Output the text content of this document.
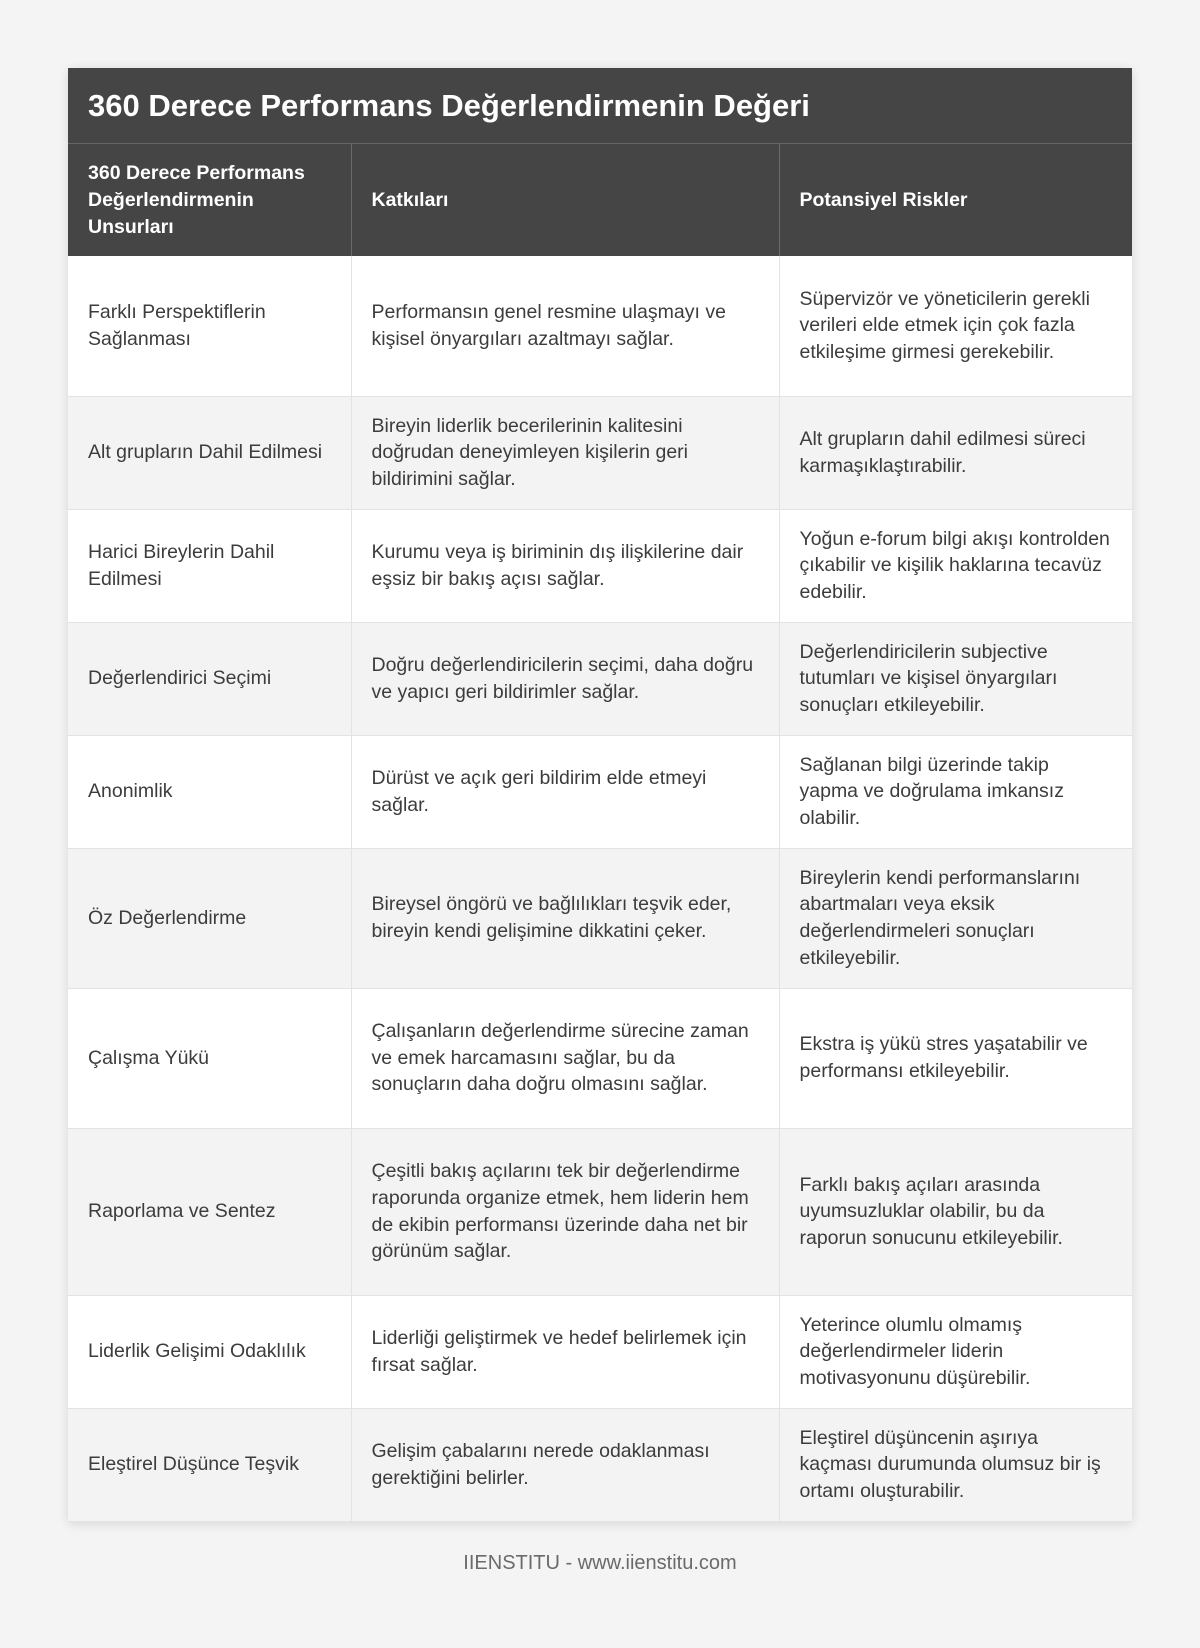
360 Derece Performans Değerlendirmenin Değeri
360 Derece Performans Değerlendirmenin Unsurları	Katkıları	Potansiyel Riskler
Farklı Perspektiflerin Sağlanması	Performansın genel resmine ulaşmayı ve kişisel önyargıları azaltmayı sağlar.	Süpervizör ve yöneticilerin gerekli verileri elde etmek için çok fazla etkileşime girmesi gerekebilir.
Alt grupların Dahil Edilmesi	Bireyin liderlik becerilerinin kalitesini doğrudan deneyimleyen kişilerin geri bildirimini sağlar.	Alt grupların dahil edilmesi süreci karmaşıklaştırabilir.
Harici Bireylerin Dahil Edilmesi	Kurumu veya iş biriminin dış ilişkilerine dair eşsiz bir bakış açısı sağlar.	Yoğun e-forum bilgi akışı kontrolden çıkabilir ve kişilik haklarına tecavüz edebilir.
Değerlendirici Seçimi	Doğru değerlendiricilerin seçimi, daha doğru ve yapıcı geri bildirimler sağlar.	Değerlendiricilerin subjective tutumları ve kişisel önyargıları sonuçları etkileyebilir.
Anonimlik	Dürüst ve açık geri bildirim elde etmeyi sağlar.	Sağlanan bilgi üzerinde takip yapma ve doğrulama imkansız olabilir.
Öz Değerlendirme	Bireysel öngörü ve bağlılıkları teşvik eder, bireyin kendi gelişimine dikkatini çeker.	Bireylerin kendi performanslarını abartmaları veya eksik değerlendirmeleri sonuçları etkileyebilir.
Çalışma Yükü	Çalışanların değerlendirme sürecine zaman ve emek harcamasını sağlar, bu da sonuçların daha doğru olmasını sağlar.	Ekstra iş yükü stres yaşatabilir ve performansı etkileyebilir.
Raporlama ve Sentez	Çeşitli bakış açılarını tek bir değerlendirme raporunda organize etmek, hem liderin hem de ekibin performansı üzerinde daha net bir görünüm sağlar.	Farklı bakış açıları arasında uyumsuzluklar olabilir, bu da raporun sonucunu etkileyebilir.
Liderlik Gelişimi Odaklılık	Liderliği geliştirmek ve hedef belirlemek için fırsat sağlar.	Yeterince olumlu olmamış değerlendirmeler liderin motivasyonunu düşürebilir.
Eleştirel Düşünce Teşvik	Gelişim çabalarını nerede odaklanması gerektiğini belirler.	Eleştirel düşüncenin aşırıya kaçması durumunda olumsuz bir iş ortamı oluşturabilir.
IIENSTITU - www.iienstitu.com
